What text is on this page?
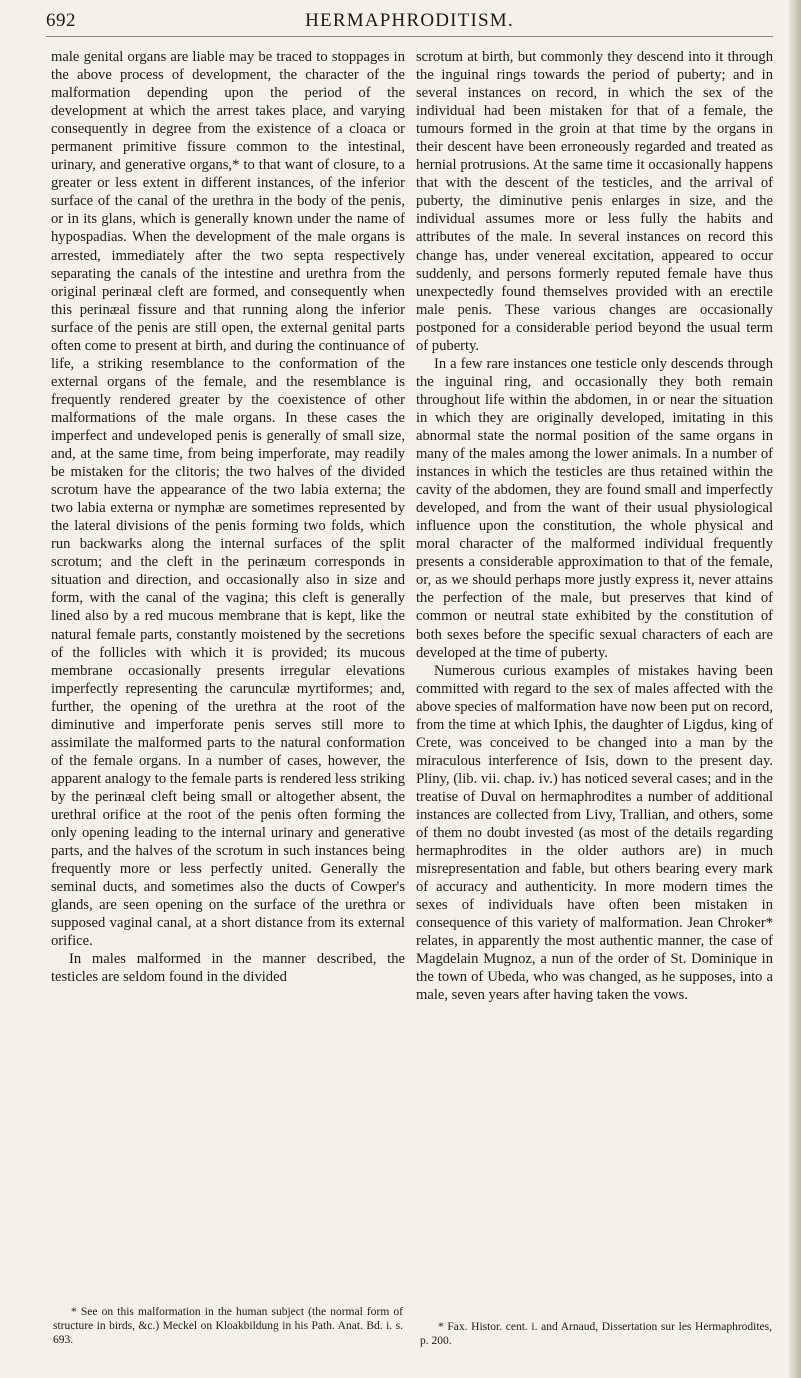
692	HERMAPHRODITISM.

male genital organs are liable may be traced to stoppages in the above process of development, the character of the malformation depending upon the period of the development at which the arrest takes place, and varying consequently in degree from the existence of a cloaca or permanent primitive fissure common to the intestinal, urinary, and generative organs,* to that want of closure, to a greater or less extent in different instances, of the inferior surface of the canal of the urethra in the body of the penis, or in its glans, which is generally known under the name of hypospadias. When the development of the male organs is arrested, immediately after the two septa respectively separating the canals of the intestine and urethra from the original perinæal cleft are formed, and consequently when this perinæal fissure and that running along the inferior surface of the penis are still open, the external genital parts often come to present at birth, and during the continuance of life, a striking resemblance to the conformation of the external organs of the female, and the resemblance is frequently rendered greater by the coexistence of other malformations of the male organs. In these cases the imperfect and undeveloped penis is generally of small size, and, at the same time, from being imperforate, may readily be mistaken for the clitoris; the two halves of the divided scrotum have the appearance of the two labia externa; the two labia externa or nymphæ are sometimes represented by the lateral divisions of the penis forming two folds, which run backwarks along the internal surfaces of the split scrotum; and the cleft in the perinæum corresponds in situation and direction, and occasionally also in size and form, with the canal of the vagina; this cleft is generally lined also by a red mucous membrane that is kept, like the natural female parts, constantly moistened by the secretions of the follicles with which it is provided; its mucous membrane occasionally presents irregular elevations imperfectly representing the carunculæ myrtiformes; and, further, the opening of the urethra at the root of the diminutive and imperforate penis serves still more to assimilate the malformed parts to the natural conformation of the female organs. In a number of cases, however, the apparent analogy to the female parts is rendered less striking by the perinæal cleft being small or altogether absent, the urethral orifice at the root of the penis often forming the only opening leading to the internal urinary and generative parts, and the halves of the scrotum in such instances being frequently more or less perfectly united. Generally the seminal ducts, and sometimes also the ducts of Cowper's glands, are seen opening on the surface of the urethra or supposed vaginal canal, at a short distance from its external orifice.

In males malformed in the manner described, the testicles are seldom found in the divided

* See on this malformation in the human subject (the normal form of structure in birds, &c.) Meckel on Kloakbildung in his Path. Anat. Bd. i. s. 693.

scrotum at birth, but commonly they descend into it through the inguinal rings towards the period of puberty; and in several instances on record, in which the sex of the individual had been mistaken for that of a female, the tumours formed in the groin at that time by the organs in their descent have been erroneously regarded and treated as hernial protrusions. At the same time it occasionally happens that with the descent of the testicles, and the arrival of puberty, the diminutive penis enlarges in size, and the individual assumes more or less fully the habits and attributes of the male. In several instances on record this change has, under venereal excitation, appeared to occur suddenly, and persons formerly reputed female have thus unexpectedly found themselves provided with an erectile male penis. These various changes are occasionally postponed for a considerable period beyond the usual term of puberty.

In a few rare instances one testicle only descends through the inguinal ring, and occasionally they both remain throughout life within the abdomen, in or near the situation in which they are originally developed, imitating in this abnormal state the normal position of the same organs in many of the males among the lower animals. In a number of instances in which the testicles are thus retained within the cavity of the abdomen, they are found small and imperfectly developed, and from the want of their usual physiological influence upon the constitution, the whole physical and moral character of the malformed individual frequently presents a considerable approximation to that of the female, or, as we should perhaps more justly express it, never attains the perfection of the male, but preserves that kind of common or neutral state exhibited by the constitution of both sexes before the specific sexual characters of each are developed at the time of puberty.

Numerous curious examples of mistakes having been committed with regard to the sex of males affected with the above species of malformation have now been put on record, from the time at which Iphis, the daughter of Ligdus, king of Crete, was conceived to be changed into a man by the miraculous interference of Isis, down to the present day. Pliny, (lib. vii. chap. iv.) has noticed several cases; and in the treatise of Duval on hermaphrodites a number of additional instances are collected from Livy, Trallian, and others, some of them no doubt invested (as most of the details regarding hermaphrodites in the older authors are) in much misrepresentation and fable, but others bearing every mark of accuracy and authenticity. In more modern times the sexes of individuals have often been mistaken in consequence of this variety of malformation. Jean Chroker* relates, in apparently the most authentic manner, the case of Magdelain Mugnoz, a nun of the order of St. Dominique in the town of Ubeda, who was changed, as he supposes, into a male, seven years after having taken the vows.

* Fax. Histor. cent. i. and Arnaud, Dissertation sur les Hermaphrodites, p. 200.
